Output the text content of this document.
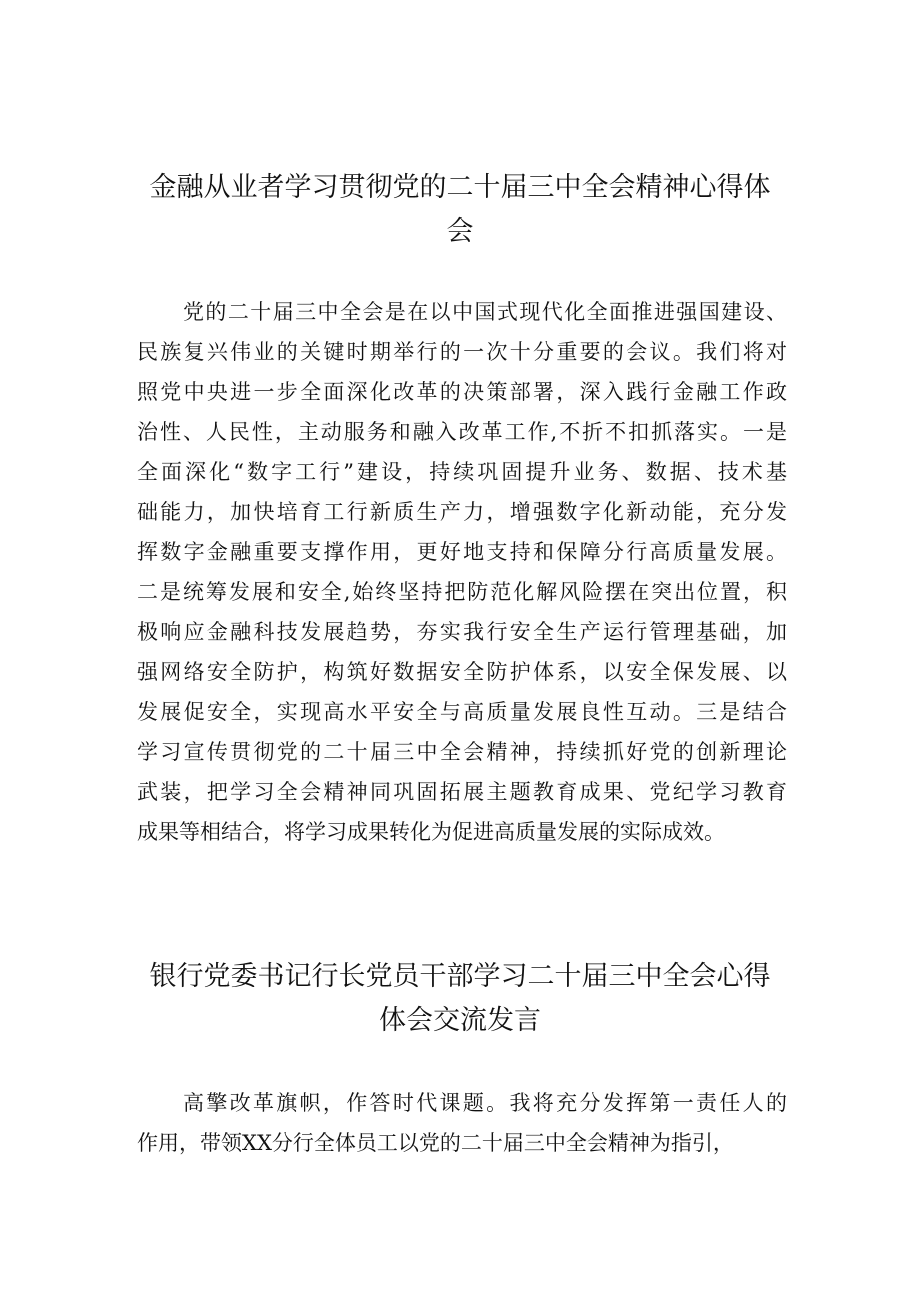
金融从业者学习贯彻党的二十届三中全会精神心得体
会
党的二十届三中全会是在以中国式现代化全面推进强国建设、
民族复兴伟业的关键时期举行的一次十分重要的会议。我们将对
照党中央进一步全面深化改革的决策部署，深入践行金融工作政
治性、人民性，主动服务和融入改革工作,不折不扣抓落实。一是
全面深化“数字工行”建设，持续巩固提升业务、数据、技术基
础能力，加快培育工行新质生产力，增强数字化新动能，充分发
挥数字金融重要支撑作用，更好地支持和保障分行高质量发展。
二是统筹发展和安全,始终坚持把防范化解风险摆在突出位置，积
极响应金融科技发展趋势，夯实我行安全生产运行管理基础，加
强网络安全防护，构筑好数据安全防护体系，以安全保发展、以
发展促安全，实现高水平安全与高质量发展良性互动。三是结合
学习宣传贯彻党的二十届三中全会精神，持续抓好党的创新理论
武装，把学习全会精神同巩固拓展主题教育成果、党纪学习教育
成果等相结合，将学习成果转化为促进高质量发展的实际成效。
银行党委书记行长党员干部学习二十届三中全会心得
体会交流发言
高擎改革旗帜，作答时代课题。我将充分发挥第一责任人的
作用，带领XX分行全体员工以党的二十届三中全会精神为指引，
